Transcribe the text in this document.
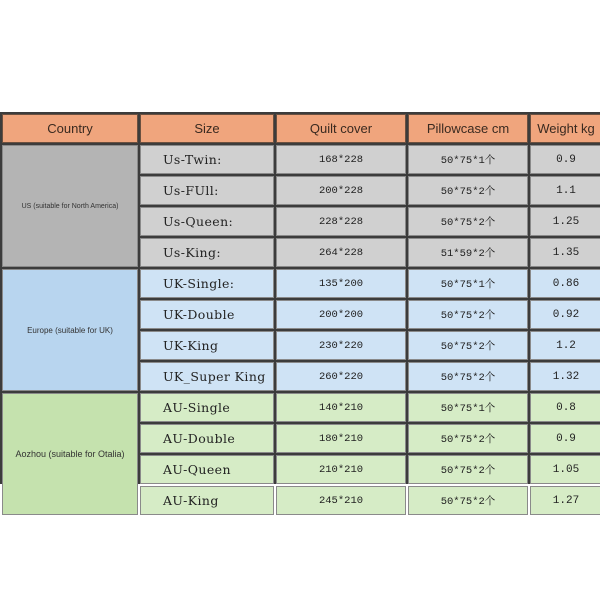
Country	Size	Quilt cover	Pillowcase cm	Weight kg
US (suitable for North America)	Us-Twin:	168*228	50*75*1个	0.9
	Us-FUll:	200*228	50*75*2个	1.1
	Us-Queen:	228*228	50*75*2个	1.25
	Us-King:	264*228	51*59*2个	1.35
Europe (suitable for UK)	UK-Single:	135*200	50*75*1个	0.86
	UK-Double	200*200	50*75*2个	0.92
	UK-King	230*220	50*75*2个	1.2
	UK_Super King	260*220	50*75*2个	1.32
Aozhou (suitable for Otalia)	AU-Single	140*210	50*75*1个	0.8
	AU-Double	180*210	50*75*2个	0.9
	AU-Queen	210*210	50*75*2个	1.05
	AU-King	245*210	50*75*2个	1.27
